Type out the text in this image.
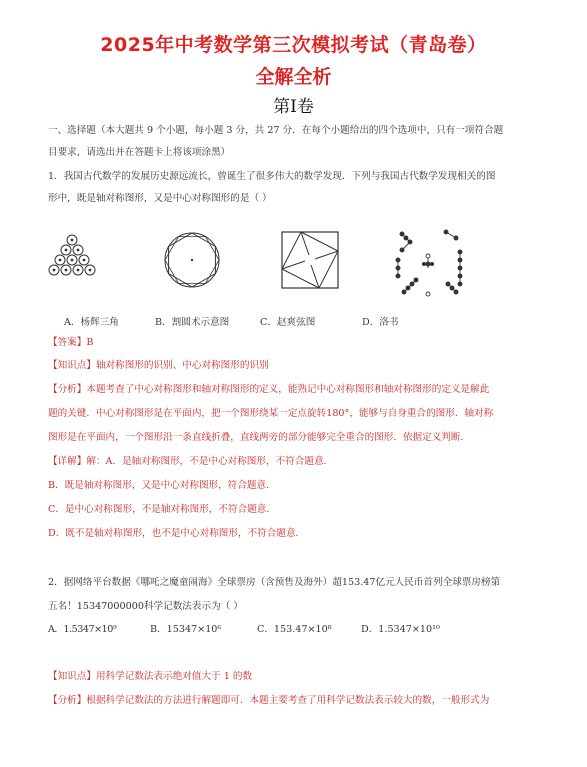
2025年中考数学第三次模拟考试（青岛卷）
全解全析
第Ⅰ卷
一、选择题（本大题共 9 个小题，每小题 3 分，共 27 分．在每个小题给出的四个选项中，只有一项符合题
目要求，请选出并在答题卡上将该项涂黑）
1．我国古代数学的发展历史源远流长，曾诞生了很多伟大的数学发现．下列与我国古代数学发现相关的图
形中，既是轴对称图形，又是中心对称图形的是（ ）
A．杨辉三角	B．割圆术示意图	C．赵爽弦图	D．洛书
【答案】B
【知识点】轴对称图形的识别、中心对称图形的识别
【分析】本题考查了中心对称图形和轴对称图形的定义，能熟记中心对称图形和轴对称图形的定义是解此
题的关键．中心对称图形是在平面内，把一个图形绕某一定点旋转180°，能够与自身重合的图形．轴对称
图形是在平面内，一个图形沿一条直线折叠，直线两旁的部分能够完全重合的图形．依据定义判断．
【详解】解：A．是轴对称图形，不是中心对称图形，不符合题意．
B．既是轴对称图形，又是中心对称图形，符合题意．
C．是中心对称图形，不是轴对称图形，不符合题意．
D．既不是轴对称图形，也不是中心对称图形，不符合题意．
2．据网络平台数据《哪吒之魔童闹海》全球票房（含预售及海外）超153.47亿元人民币首列全球票房榜第
五名！15347000000科学记数法表示为（ ）
A．1.5347×10⁹	B．15347×10⁶	C．153.47×10⁸	D．1.5347×10¹⁰
【知识点】用科学记数法表示绝对值大于 1 的数
【分析】根据科学记数法的方法进行解题即可．本题主要考查了用科学记数法表示较大的数，一般形式为
